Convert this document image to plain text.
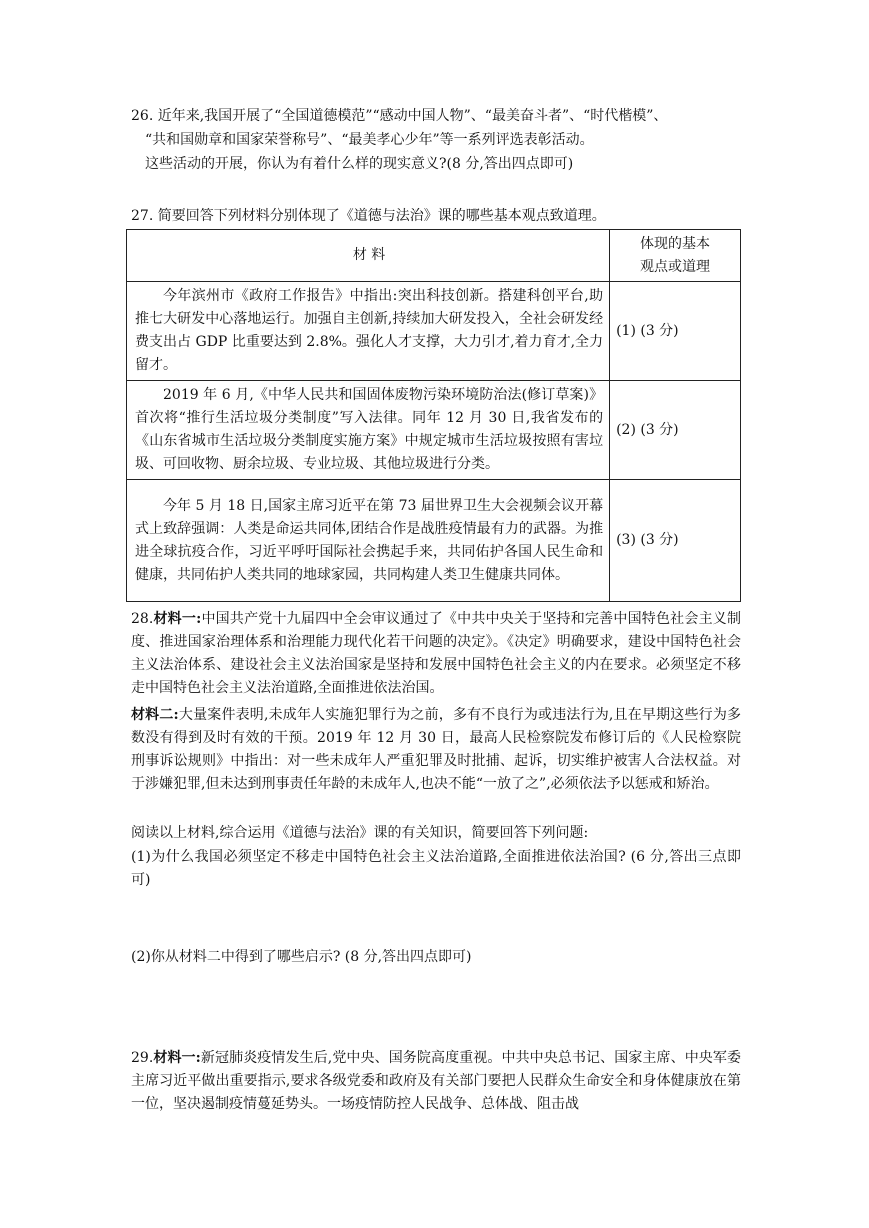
26. 近年来,我国开展了“全国道德模范”“感动中国人物”、“最美奋斗者”、“时代楷模”、
“共和国勋章和国家荣誉称号”、“最美孝心少年”等一系列评选表彰活动。
这些活动的开展，你认为有着什么样的现实意义?(8 分,答出四点即可)
27. 简要回答下列材料分别体现了《道德与法治》课的哪些基本观点致道理。
材 料	体现的基本
观点或道理

今年滨州市《政府工作报告》中指出:突出科技创新。搭建科创平台,助推七大研发中心落地运行。加强自主创新,持续加大研发投入，全社会研发经费支出占 GDP 比重要达到 2.8%。强化人才支撑，大力引才,着力育才,全力留才。	(1) (3 分)
2019 年 6 月,《中华人民共和国固体废物污染环境防治法(修订草案)》首次将“推行生活垃圾分类制度”写入法律。同年 12 月 30 日,我省发布的《山东省城市生活垃圾分类制度实施方案》中规定城市生活垃圾按照有害垃圾、可回收物、厨余垃圾、专业垃圾、其他垃圾进行分类。	(2) (3 分)
今年 5 月 18 日,国家主席习近平在第 73 届世界卫生大会视频会议开幕式上致辞强调：人类是命运共同体,团结合作是战胜疫情最有力的武器。为推进全球抗疫合作，习近平呼吁国际社会携起手来，共同佑护各国人民生命和健康，共同佑护人类共同的地球家园，共同构建人类卫生健康共同体。	(3) (3 分)
28.材料一:中国共产党十九届四中全会审议通过了《中共中央关于坚持和完善中国特色社会主义制度、推进国家治理体系和治理能力现代化若干问题的决定》。《决定》明确要求，建设中国特色社会主义法治体系、建设社会主义法治国家是坚持和发展中国特色社会主义的内在要求。必须坚定不移走中国特色社会主义法治道路,全面推进依法治国。
材料二:大量案件表明,未成年人实施犯罪行为之前，多有不良行为或违法行为,且在早期这些行为多数没有得到及时有效的干预。2019 年 12 月 30 日，最高人民检察院发布修订后的《人民检察院刑事诉讼规则》中指出：对一些未成年人严重犯罪及时批捕、起诉，切实维护被害人合法权益。对于涉嫌犯罪,但未达到刑事责任年龄的未成年人,也决不能“一放了之”,必须依法予以惩戒和矫治。
阅读以上材料,综合运用《道德与法治》课的有关知识，简要回答下列问题:
(1)为什么我国必须坚定不移走中国特色社会主义法治道路,全面推进依法治国? (6 分,答出三点即可)
(2)你从材料二中得到了哪些启示? (8 分,答出四点即可)
29.材料一:新冠肺炎疫情发生后,党中央、国务院高度重视。中共中央总书记、国家主席、中央军委主席习近平做出重要指示,要求各级党委和政府及有关部门要把人民群众生命安全和身体健康放在第一位，坚决遏制疫情蔓延势头。一场疫情防控人民战争、总体战、阻击战
